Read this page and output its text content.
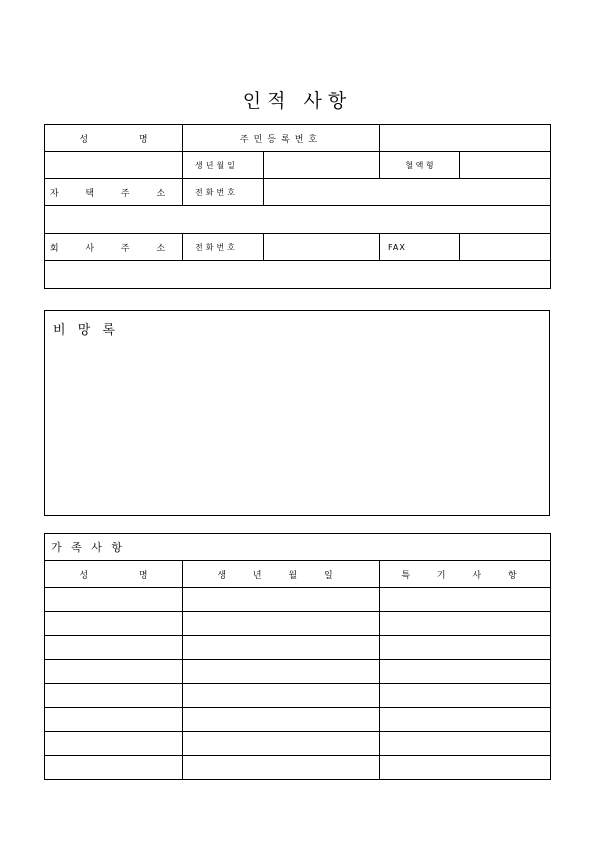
인적 사항
성 명	주민등록번호			
	생년월일		혈 액 형	
자 택 주 소	전화번호			

회 사 주 소	전화번호		FAX	

비 망 록
가 족 사 항		
성 명	생 년 월 일	특 기 사 항
